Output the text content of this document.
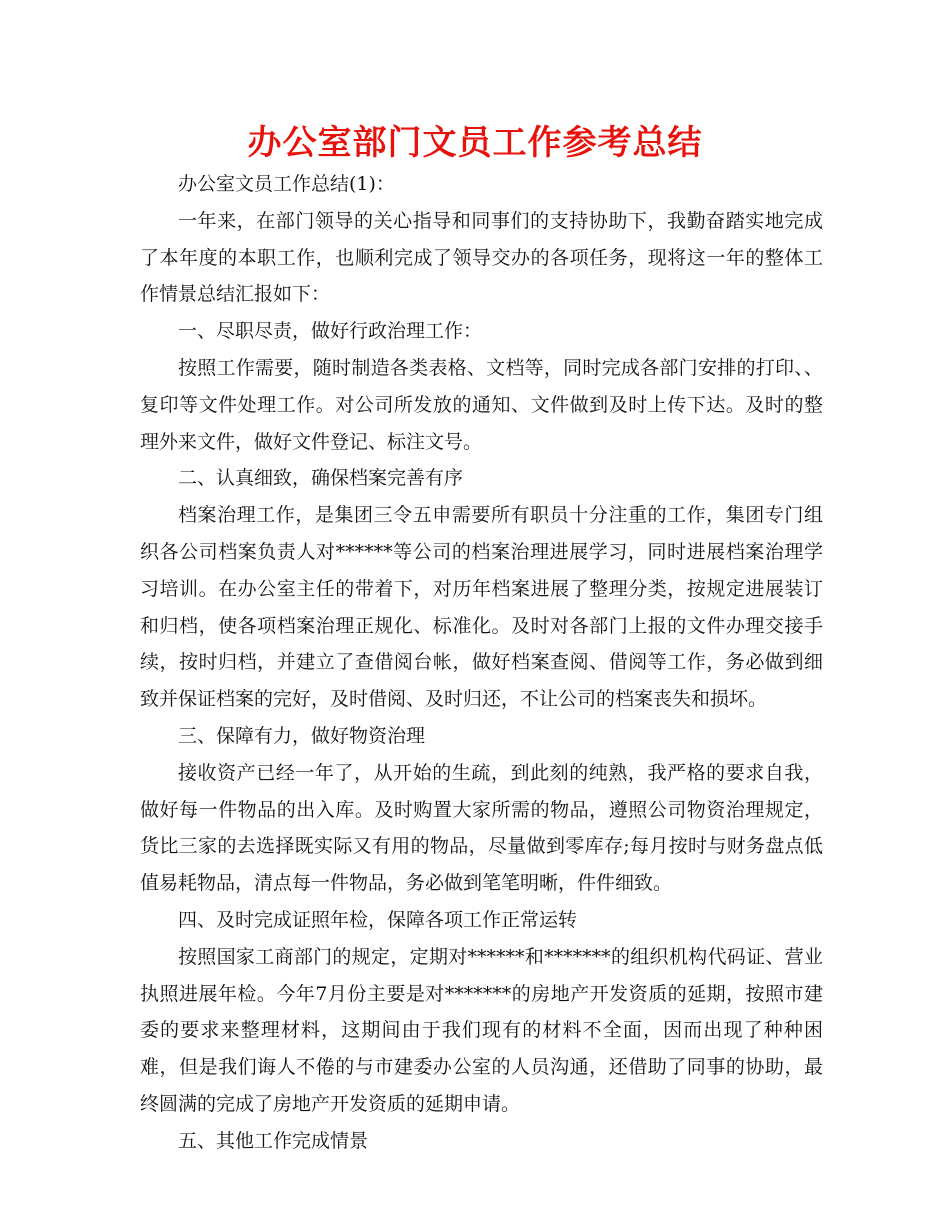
办公室部门文员工作参考总结

办公室文员工作总结(1)：

一年来，在部门领导的关心指导和同事们的支持协助下，我勤奋踏实地完成了本年度的本职工作，也顺利完成了领导交办的各项任务，现将这一年的整体工作情景总结汇报如下：

一、尽职尽责，做好行政治理工作：

按照工作需要，随时制造各类表格、文档等，同时完成各部门安排的打印、、复印等文件处理工作。对公司所发放的通知、文件做到及时上传下达。及时的整理外来文件，做好文件登记、标注文号。

二、认真细致，确保档案完善有序

档案治理工作，是集团三令五申需要所有职员十分注重的工作，集团专门组织各公司档案负责人对******等公司的档案治理进展学习，同时进展档案治理学习培训。在办公室主任的带着下，对历年档案进展了整理分类，按规定进展装订和归档，使各项档案治理正规化、标准化。及时对各部门上报的文件办理交接手续，按时归档，并建立了查借阅台帐，做好档案查阅、借阅等工作，务必做到细致并保证档案的完好，及时借阅、及时归还，不让公司的档案丧失和损坏。

三、保障有力，做好物资治理

接收资产已经一年了，从开始的生疏，到此刻的纯熟，我严格的要求自我，做好每一件物品的出入库。及时购置大家所需的物品，遵照公司物资治理规定，货比三家的去选择既实际又有用的物品，尽量做到零库存;每月按时与财务盘点低值易耗物品，清点每一件物品，务必做到笔笔明晰，件件细致。

四、及时完成证照年检，保障各项工作正常运转

按照国家工商部门的规定，定期对******和*******的组织机构代码证、营业执照进展年检。今年7月份主要是对*******的房地产开发资质的延期，按照市建委的要求来整理材料，这期间由于我们现有的材料不全面，因而出现了种种困难，但是我们诲人不倦的与市建委办公室的人员沟通，还借助了同事的协助，最终圆满的完成了房地产开发资质的延期申请。

五、其他工作完成情景
